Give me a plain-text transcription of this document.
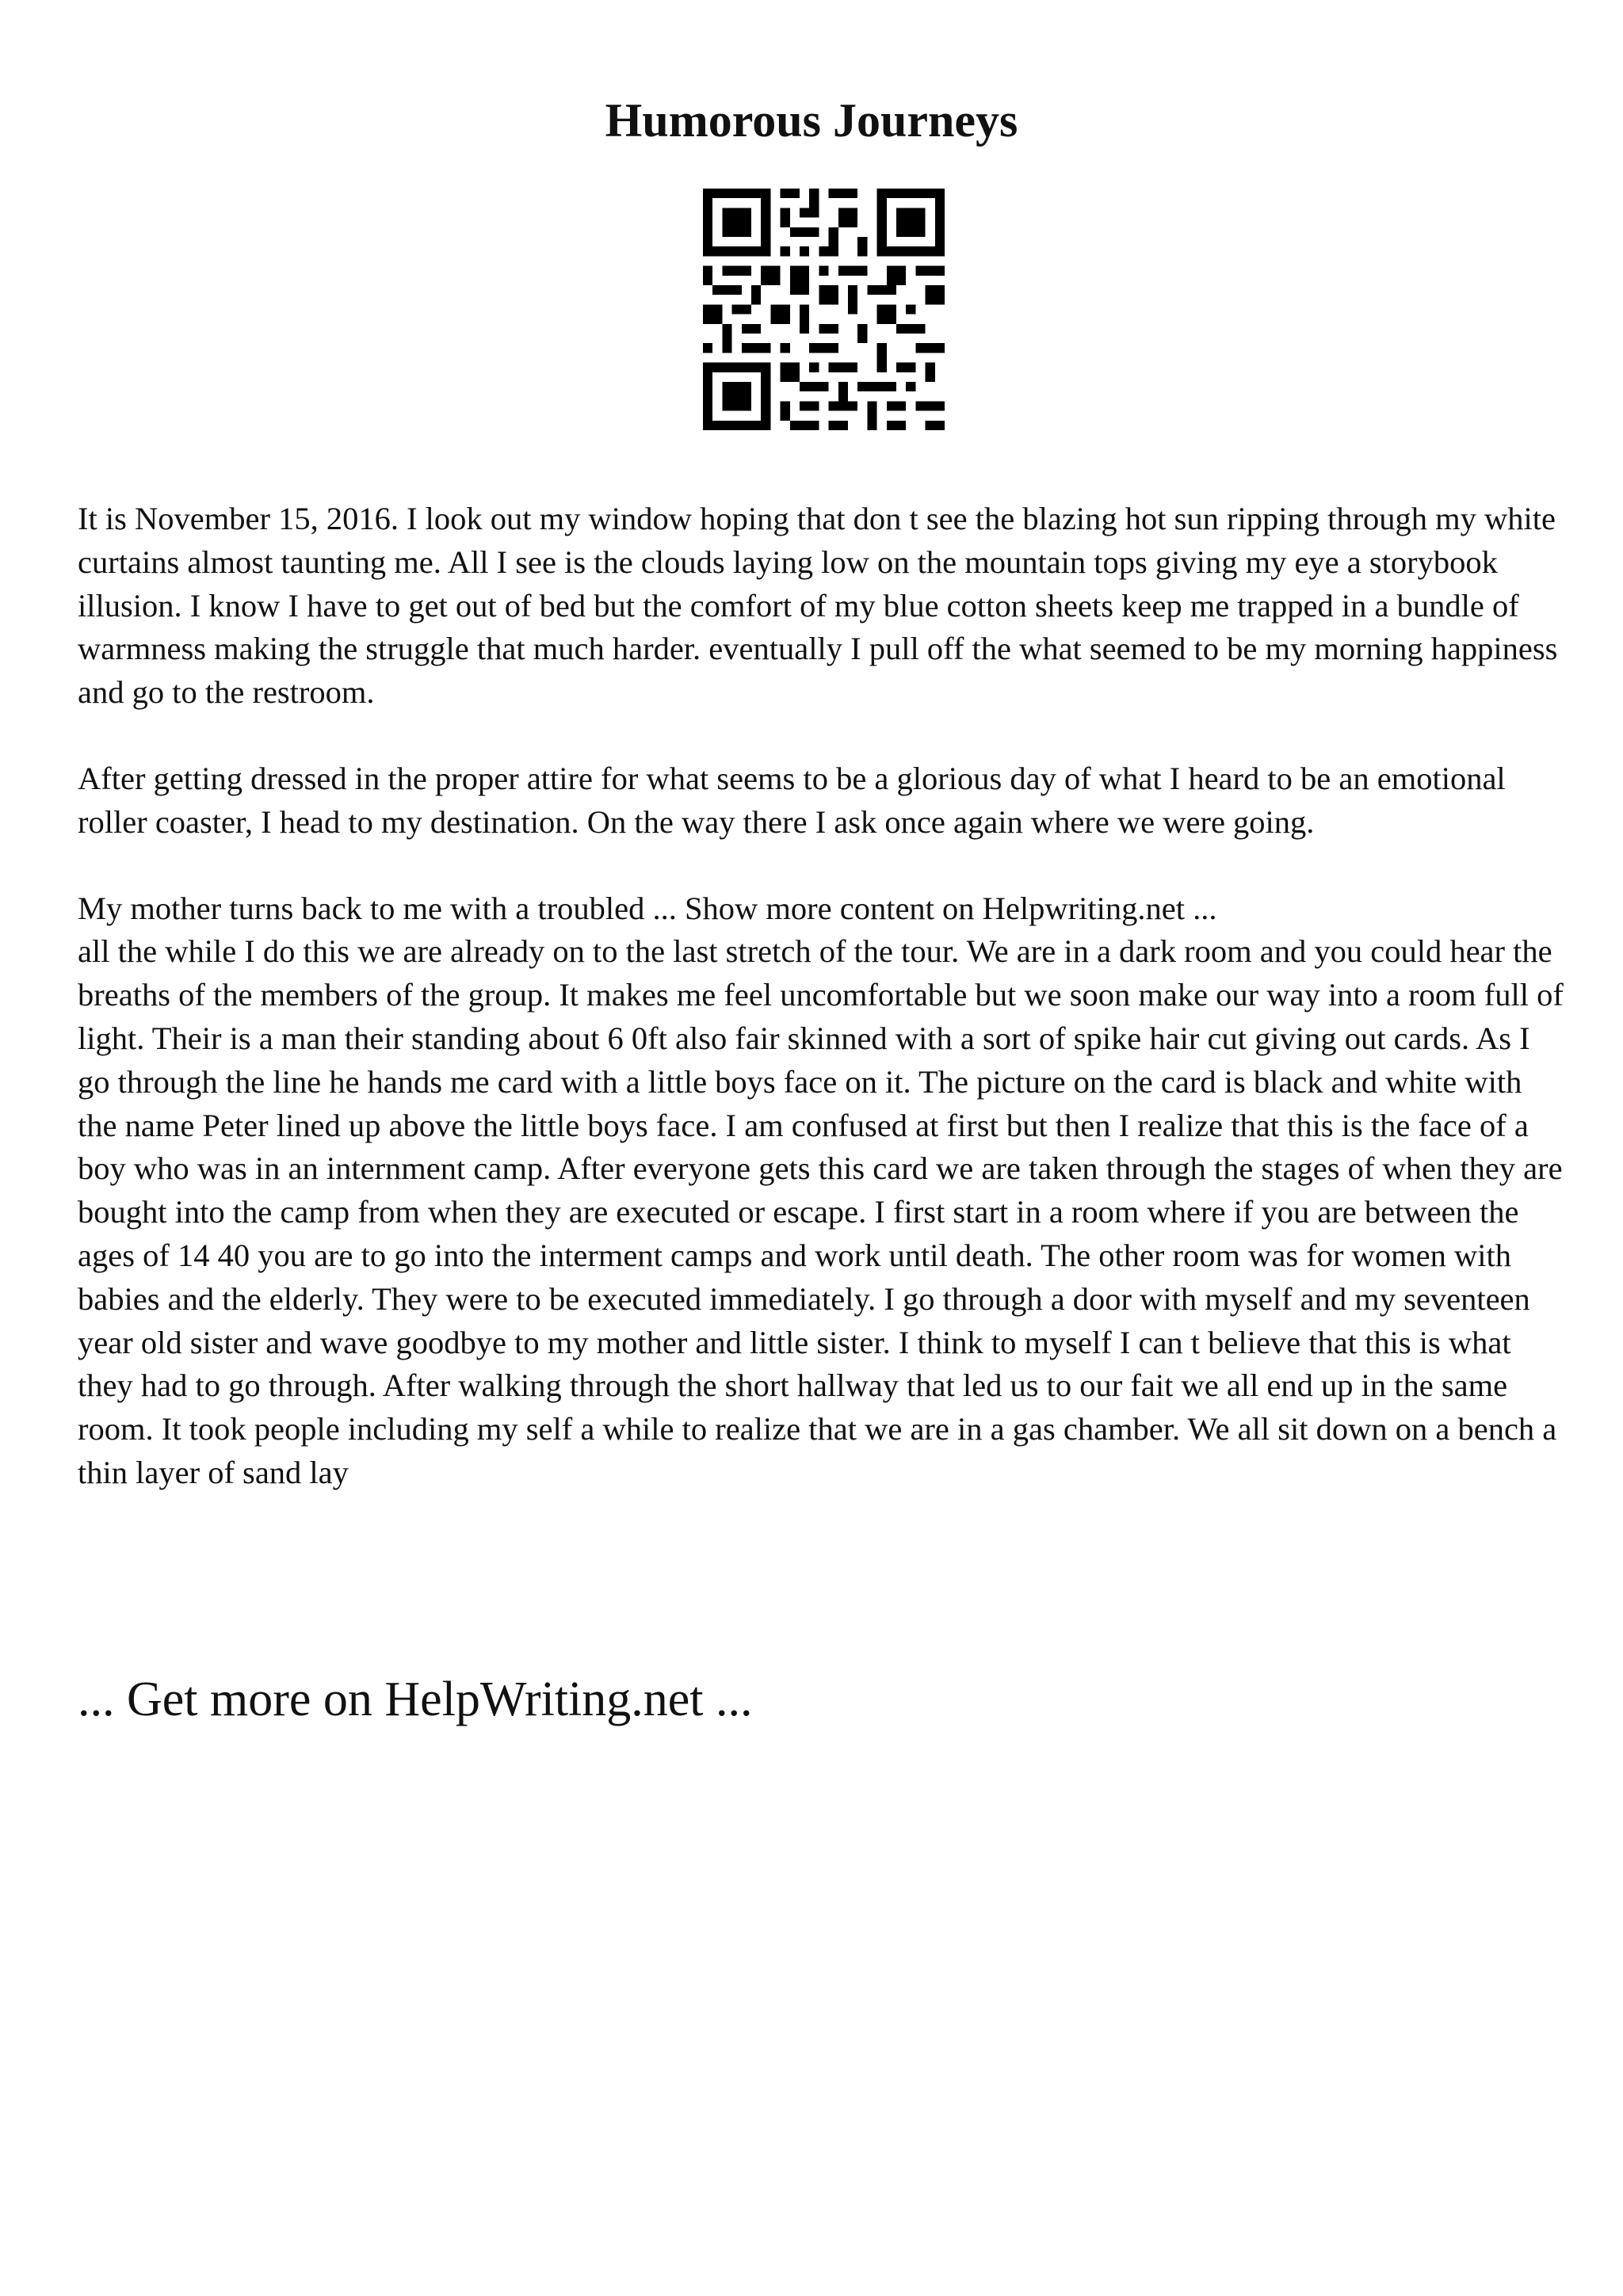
Humorous Journeys

It is November 15, 2016. I look out my window hoping that don t see the blazing hot sun ripping through my white curtains almost taunting me. All I see is the clouds laying low on the mountain tops giving my eye a storybook illusion. I know I have to get out of bed but the comfort of my blue cotton sheets keep me trapped in a bundle of warmness making the struggle that much harder. eventually I pull off the what seemed to be my morning happiness and go to the restroom.

After getting dressed in the proper attire for what seems to be a glorious day of what I heard to be an emotional roller coaster, I head to my destination. On the way there I ask once again where we were going.

My mother turns back to me with a troubled ... Show more content on Helpwriting.net ...

all the while I do this we are already on to the last stretch of the tour. We are in a dark room and you could hear the breaths of the members of the group. It makes me feel uncomfortable but we soon make our way into a room full of light. Their is a man their standing about 6 0ft also fair skinned with a sort of spike hair cut giving out cards. As I go through the line he hands me card with a little boys face on it. The picture on the card is black and white with the name Peter lined up above the little boys face. I am confused at first but then I realize that this is the face of a boy who was in an internment camp. After everyone gets this card we are taken through the stages of when they are bought into the camp from when they are executed or escape. I first start in a room where if you are between the ages of 14 40 you are to go into the interment camps and work until death. The other room was for women with babies and the elderly. They were to be executed immediately. I go through a door with myself and my seventeen year old sister and wave goodbye to my mother and little sister. I think to myself I can t believe that this is what they had to go through. After walking through the short hallway that led us to our fait we all end up in the same room. It took people including my self a while to realize that we are in a gas chamber. We all sit down on a bench a thin layer of sand lay

... Get more on HelpWriting.net ...
